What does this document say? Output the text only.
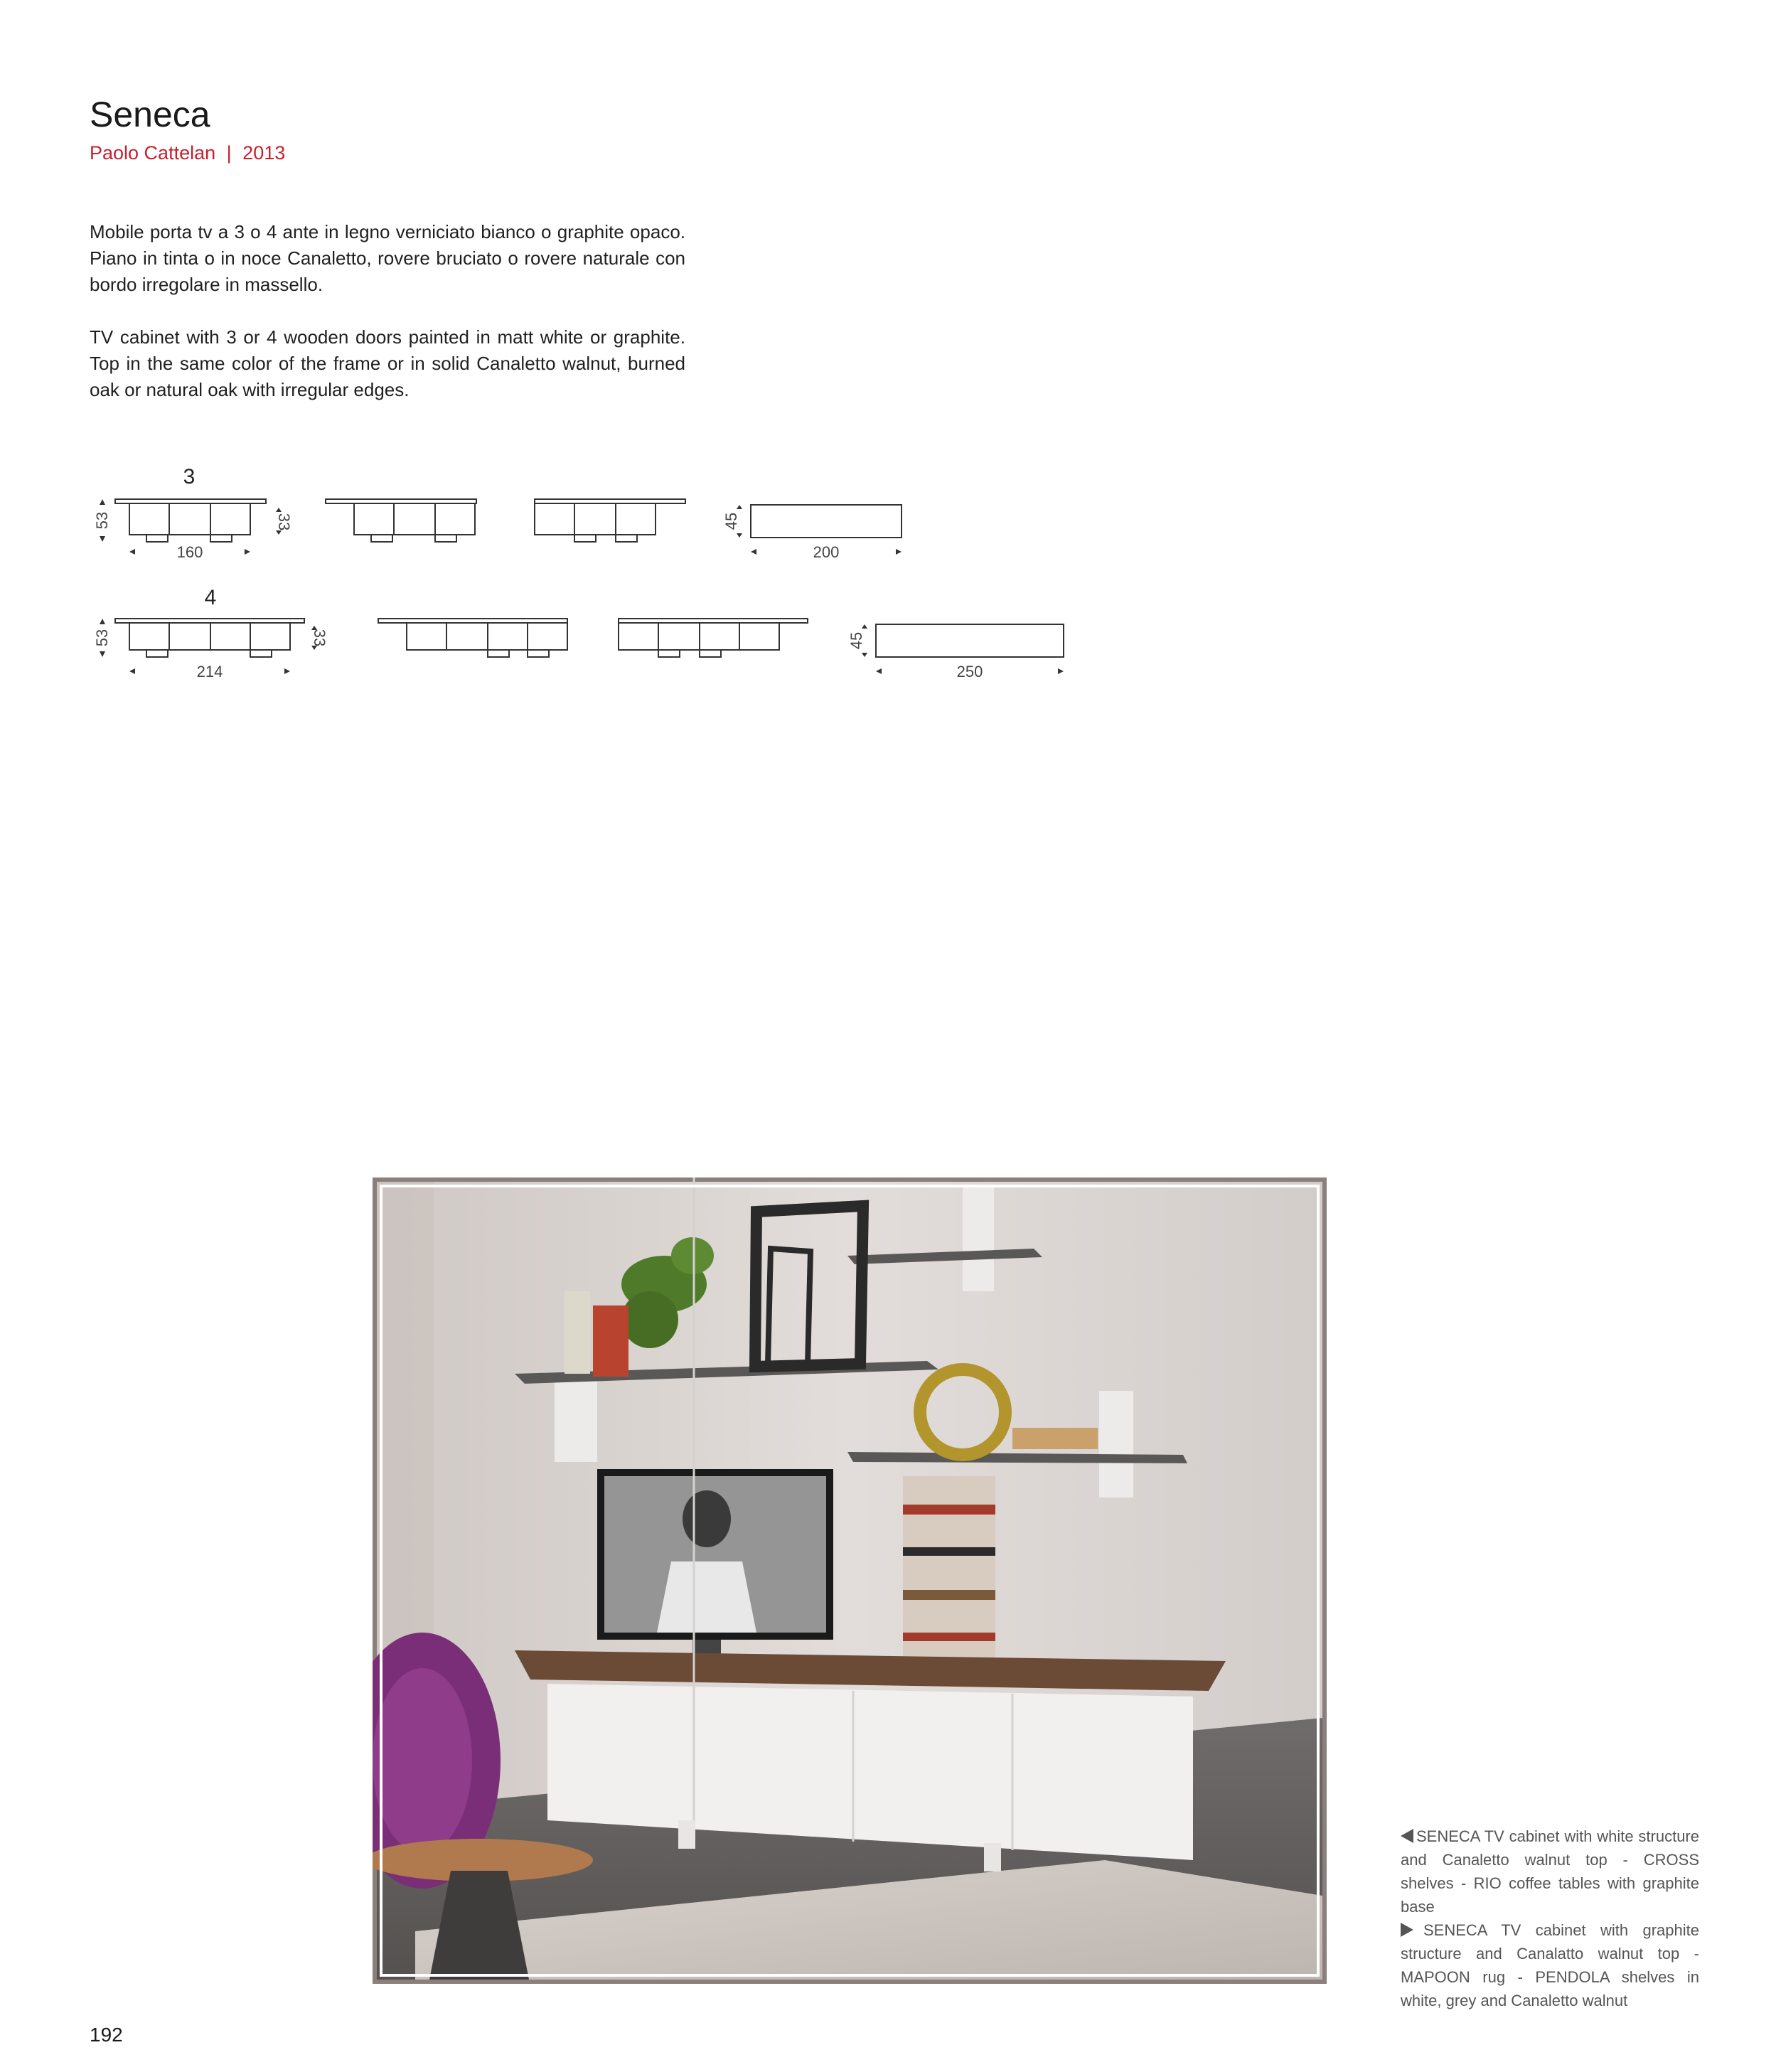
Seneca
Paolo Cattelan | 2013
Mobile porta tv a 3 o 4 ante in legno verniciato bianco o graphite opaco. Piano in tinta o in noce Canaletto, rovere bruciato o rovere naturale con bordo irregolare in massello.
TV cabinet with 3 or 4 wooden doors painted in matt white or graphite. Top in the same color of the frame or in solid Canaletto walnut, burned oak or natural oak with irregular edges.
3
53	33
160
45
200
4
53	33
214
45
250
SENECA TV cabinet with white structure and Canaletto walnut top - CROSS shelves - RIO coffee tables with graphite base
SENECA TV cabinet with graphite structure and Canalatto walnut top - MAPOON rug - PENDOLA shelves in white, grey and Canaletto walnut
192
